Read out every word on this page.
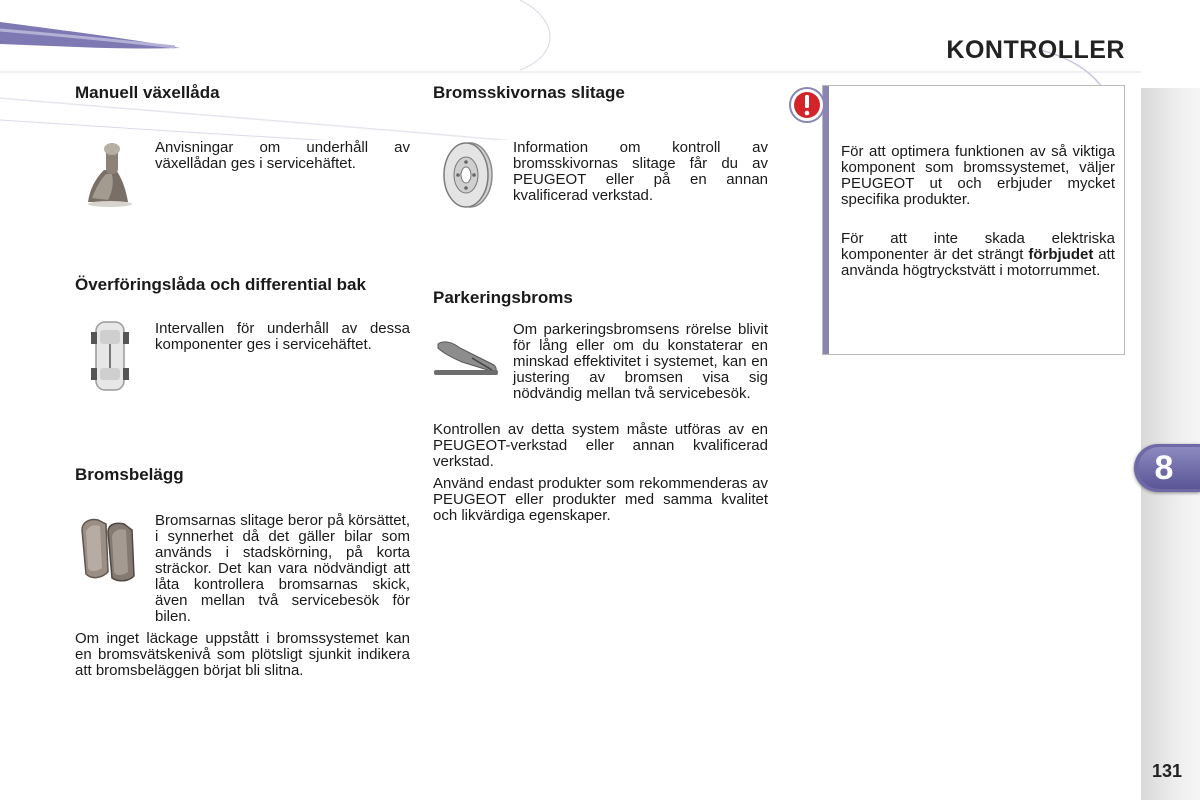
KONTROLLER
Manuell växellåda

Anvisningar om underhåll av växellådan ges i servicehäftet.

Överföringslåda och differential bak

Intervallen för underhåll av dessa komponenter ges i servicehäftet.

Bromsbelägg

Bromsarnas slitage beror på körsättet, i synnerhet då det gäller bilar som används i stadskörning, på korta sträckor. Det kan vara nödvändigt att låta kontrollera bromsarnas skick, även mellan två servicebesök för bilen.

Om inget läckage uppstått i bromssystemet kan en bromsvätskenivå som plötsligt sjunkit indikera att bromsbeläggen börjat bli slitna.

Bromsskivornas slitage

Information om kontroll av bromsskivornas slitage får du av PEUGEOT eller på en annan kvalificerad verkstad.

Parkeringsbroms

Om parkeringsbromsens rörelse blivit för lång eller om du konstaterar en minskad effektivitet i systemet, kan en justering av bromsen visa sig nödvändig mellan två servicebesök.

Kontrollen av detta system måste utföras av en PEUGEOT-verkstad eller annan kvalificerad verkstad.

Använd endast produkter som rekommenderas av PEUGEOT eller produkter med samma kvalitet och likvärdiga egenskaper.

För att optimera funktionen av så viktiga komponent som bromssystemet, väljer PEUGEOT ut och erbjuder mycket specifika produkter.

För att inte skada elektriska komponenter är det strängt förbjudet att använda högtryckstvätt i motorrummet.

8
131
